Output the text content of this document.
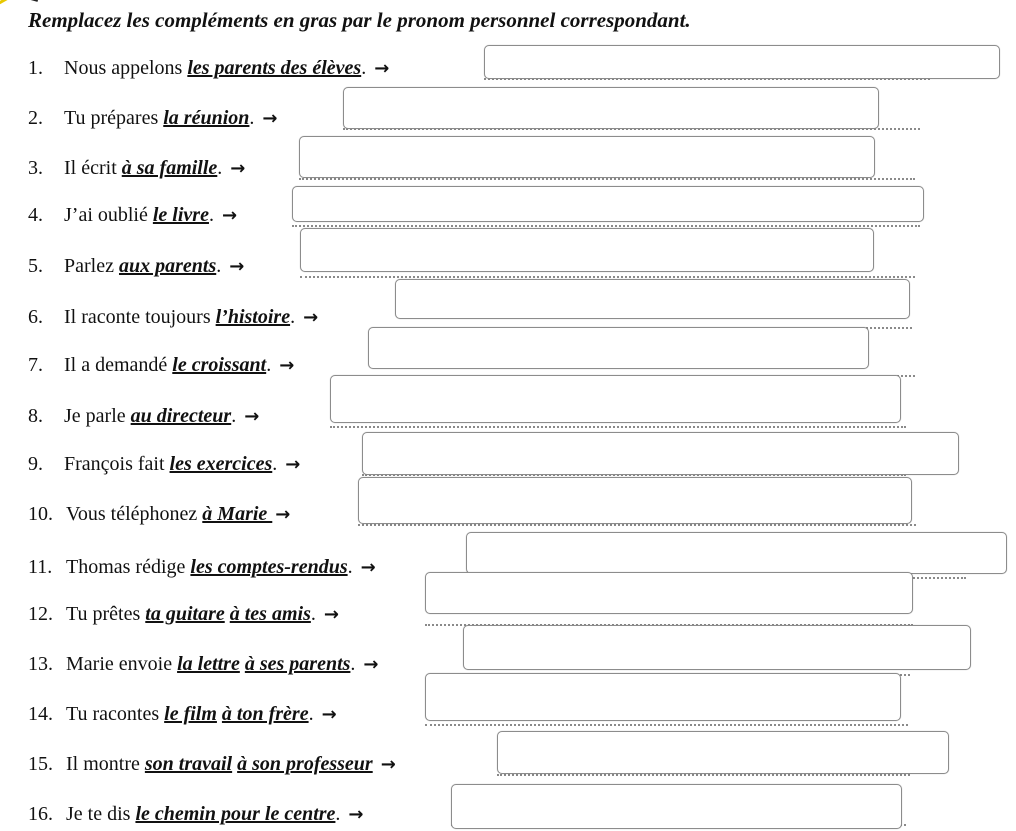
Remplacez les compléments en gras par le pronom personnel correspondant.
1. Nous appelons les parents des élèves. →
2. Tu prépares la réunion. →
3. Il écrit à sa famille. →
4. J’ai oublié le livre. →
5. Parlez aux parents. →
6. Il raconte toujours l’histoire. →
7. Il a demandé le croissant. →
8. Je parle au directeur. →
9. François fait les exercices. →
10. Vous téléphonez à Marie →
11. Thomas rédige les comptes-rendus. →
12. Tu prêtes ta guitare à tes amis. →
13. Marie envoie la lettre à ses parents. →
14. Tu racontes le film à ton frère. →
15. Il montre son travail à son professeur →
16. Je te dis le chemin pour le centre. →
